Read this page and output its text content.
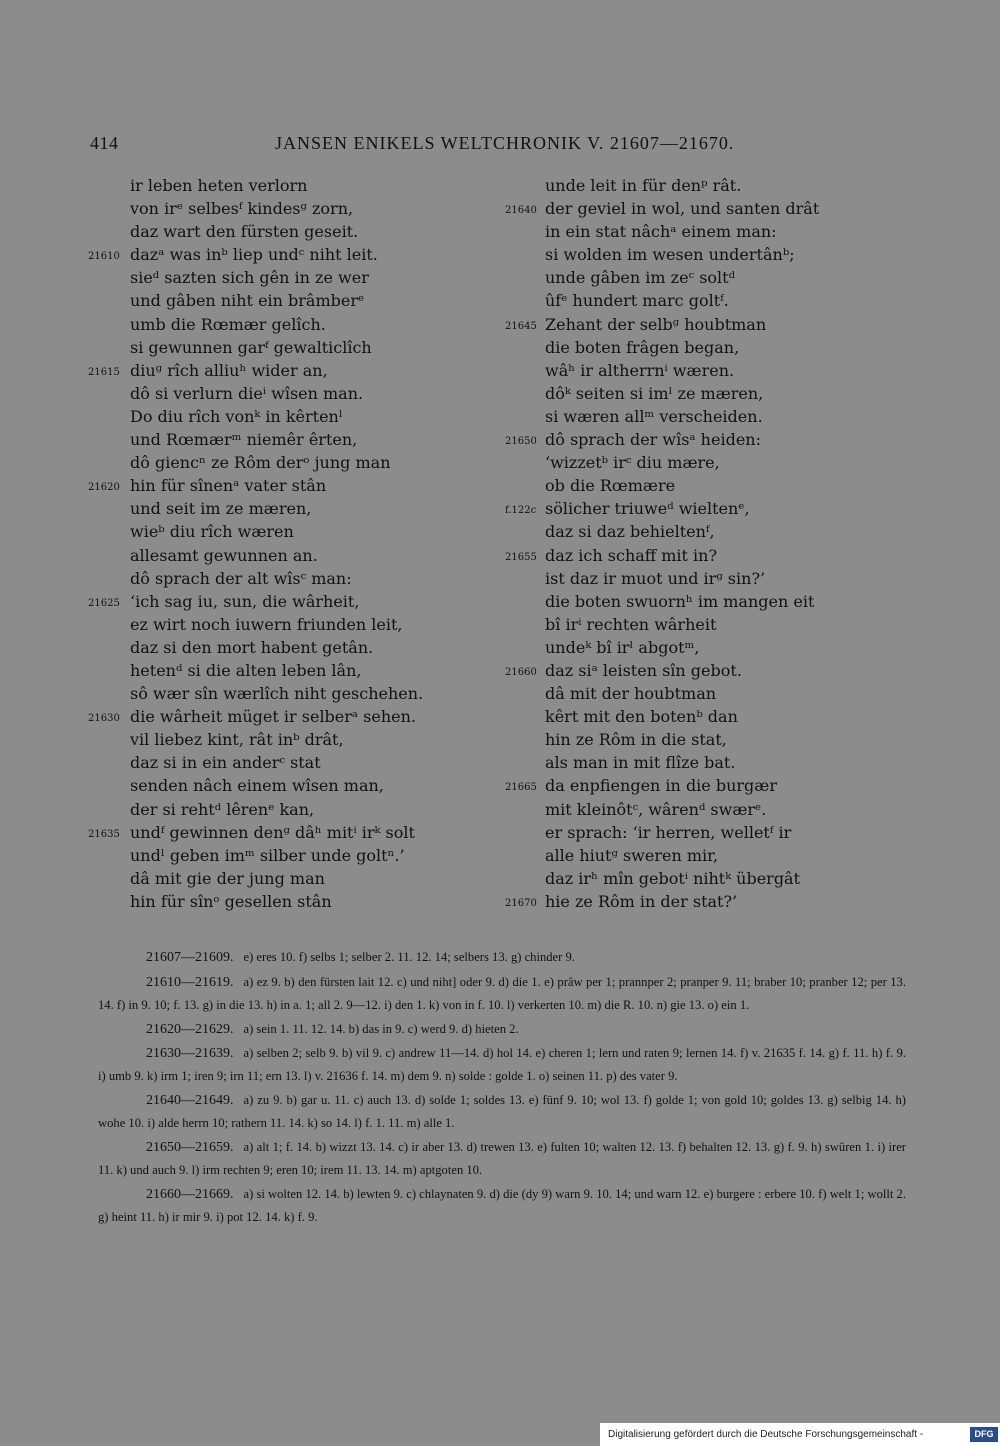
414	JANSEN ENIKELS WELTCHRONIK V. 21607—21670.
ir leben heten verlorn
von irᵉ selbesᶠ kindesᵍ zorn,
daz wart den fürsten geseit.
21610 dazᵃ was inᵇ liep undᶜ niht leit.
sieᵈ sazten sich gên in ze wer
und gâben niht ein brâmberᵉ
umb die Rœmær gelîch.
si gewunnen garᶠ gewalticlîch
21615 diuᵍ rîch alliuʰ wider an,
dô si verlurn dieⁱ wîsen man.
Do diu rîch vonᵏ in kêrtenˡ
und Rœmærᵐ niemêr êrten,
dô giencⁿ ze Rôm derᵒ jung man
21620 hin für sînenᵃ vater stân
und seit im ze mæren,
wieᵇ diu rîch wæren
allesamt gewunnen an.
dô sprach der alt wîsᶜ man:
21625 ‘ich sag iu, sun, die wârheit,
ez wirt noch iuwern friunden leit,
daz si den mort habent getân.
hetenᵈ si die alten leben lân,
sô wær sîn wærlîch niht geschehen.
21630 die wârheit müget ir selberᵃ sehen.
vil liebez kint, rât inᵇ drât,
daz si in ein anderᶜ stat
senden nâch einem wîsen man,
der si rehtᵈ lêrenᵉ kan,
21635 undᶠ gewinnen denᵍ dâʰ mitⁱ irᵏ solt
undˡ geben imᵐ silber unde goltⁿ.’
dâ mit gie der jung man
hin für sînᵒ gesellen stân
unde leit in für denᵖ rât.
21640 der geviel in wol, und santen drât
in ein stat nâchᵃ einem man:
si wolden im wesen undertânᵇ;
unde gâben im zeᶜ soltᵈ
ûfᵉ hundert marc goltᶠ.
21645 Zehant der selbᵍ houbtman
die boten frâgen began,
wâʰ ir altherrnⁱ wæren.
dôᵏ seiten si imˡ ze mæren,
si wæren allᵐ verscheiden.
21650 dô sprach der wîsᵃ heiden:
‘wizzetᵇ irᶜ diu mære,
ob die Rœmære
f.122c sölicher triuweᵈ wieltenᵉ,
daz si daz behieltenᶠ,
21655 daz ich schaff mit in?
ist daz ir muot und irᵍ sin?’
die boten swuornʰ im mangen eit
bî irⁱ rechten wârheit
undeᵏ bî irˡ abgotᵐ,
21660 daz siᵃ leisten sîn gebot.
dâ mit der houbtman
kêrt mit den botenᵇ dan
hin ze Rôm in die stat,
als man in mit flîze bat.
21665 da enpfiengen in die burgær
mit kleinôtᶜ, wârenᵈ swærᵉ.
er sprach: ‘ir herren, welletᶠ ir
alle hiutᵍ sweren mir,
daz irʰ mîn gebotⁱ nihtᵏ übergât
21670 hie ze Rôm in der stat?’

21607—21609. e) eres 10. f) selbs 1; selber 2. 11. 12. 14; selbers 13. g) chinder 9.

21610—21619. a) ez 9. b) den fürsten lait 12. c) und niht] oder 9. d) die 1. e) prâw per 1; prannper 2; pranper 9. 11; braber 10; pranber 12; per 13. 14. f) in 9. 10; f. 13. g) in die 13. h) in a. 1; all 2. 9—12. i) den 1. k) von in f. 10. l) verkerten 10. m) die R. 10. n) gie 13. o) ein 1.

21620—21629. a) sein 1. 11. 12. 14. b) das in 9. c) werd 9. d) hieten 2.

21630—21639. a) selben 2; selb 9. b) vil 9. c) andrew 11—14. d) hol 14. e) cheren 1; lern und raten 9; lernen 14. f) v. 21635 f. 14. g) f. 11. h) f. 9. i) umb 9. k) irm 1; iren 9; irn 11; ern 13. l) v. 21636 f. 14. m) dem 9. n) solde : golde 1. o) seinen 11. p) des vater 9.

21640—21649. a) zu 9. b) gar u. 11. c) auch 13. d) solde 1; soldes 13. e) fünf 9. 10; wol 13. f) golde 1; von gold 10; goldes 13. g) selbig 14. h) wohe 10. i) alde herrn 10; rathern 11. 14. k) so 14. l) f. 1. 11. m) alle 1.

21650—21659. a) alt 1; f. 14. b) wizzt 13. 14. c) ir aber 13. d) trewen 13. e) fulten 10; walten 12. 13. f) behalten 12. 13. g) f. 9. h) swûren 1. i) irer 11. k) und auch 9. l) irm rechten 9; eren 10; irem 11. 13. 14. m) aptgoten 10.

21660—21669. a) si wolten 12. 14. b) lewten 9. c) chlaynaten 9. d) die (dy 9) warn 9. 10. 14; und warn 12. e) burgere : erbere 10. f) welt 1; wollt 2. g) heint 11. h) ir mir 9. i) pot 12. 14. k) f. 9.

Digitalisierung gefördert durch die Deutsche Forschungsgemeinschaft -	DFG
